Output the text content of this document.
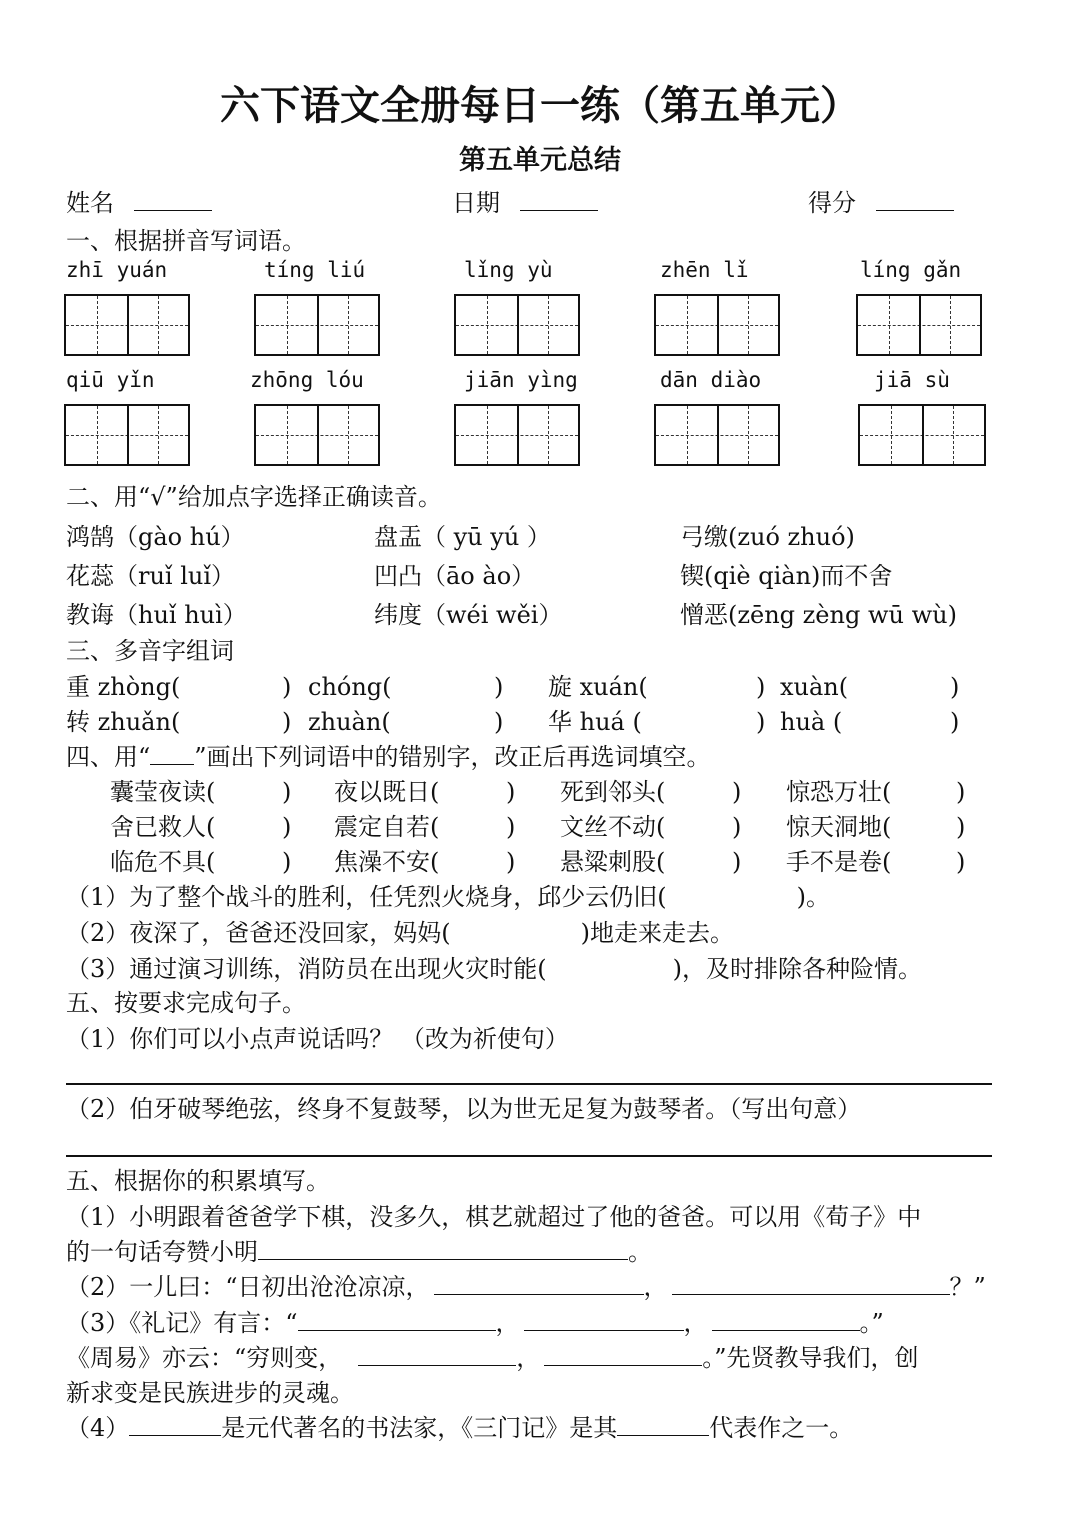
六下语文全册每日一练（第五单元）
第五单元总结
姓名	日期	得分
一、根据拼音写词语。
zhī yuán	tíng liú	lǐng yù	zhēn lǐ	líng gǎn
qiū yǐn	zhōng lóu	jiān yìng	dān diào	jiā sù
二、用“√”给加点字选择正确读音。
鸿鹄（gào hú）	盘盂（ yū yú ）	弓缴(zuó zhuó)
花蕊（ruǐ luǐ）	凹凸（āo ào）	锲(qiè qiàn)而不舍
教诲（huǐ huì）	纬度（wéi wěi）	憎恶(zēng zèng wū wù)
三、多音字组词
重 zhòng(	) chóng(	) 旋 xuán(	) xuàn(	)
转 zhuǎn(	) zhuàn(	) 华 huá (	) huà (	)
四、用“ ”画出下列词语中的错别字，改正后再选词填空。
囊莹夜读(	) 夜以既日(	) 死到邻头(	) 惊恐万壮(	)
舍已救人(	) 震定自若(	) 文丝不动(	) 惊天洞地(	)
临危不具(	) 焦澡不安(	) 悬粱刺股(	) 手不是卷(	)
（1）为了整个战斗的胜利，任凭烈火烧身，邱少云仍旧(	)。
（2）夜深了，爸爸还没回家，妈妈(	)地走来走去。
（3）通过演习训练，消防员在出现火灾时能(	)，及时排除各种险情。
五、按要求完成句子。
（1）你们可以小点声说话吗？ （改为祈使句）
（2）伯牙破琴绝弦，终身不复鼓琴，以为世无足复为鼓琴者。（写出句意）
五、根据你的积累填写。
（1）小明跟着爸爸学下棋，没多久，棋艺就超过了他的爸爸。可以用《荀子》中
的一句话夸赞小明	。
（2）一儿曰：“日初出沧沧凉凉，	，	？”
（3）《礼记》有言：“	，	，	。”
《周易》亦云：“穷则变，	，	。”先贤教导我们，创
新求变是民族进步的灵魂。
（4）	是元代著名的书法家，《三门记》是其	代表作之一。
